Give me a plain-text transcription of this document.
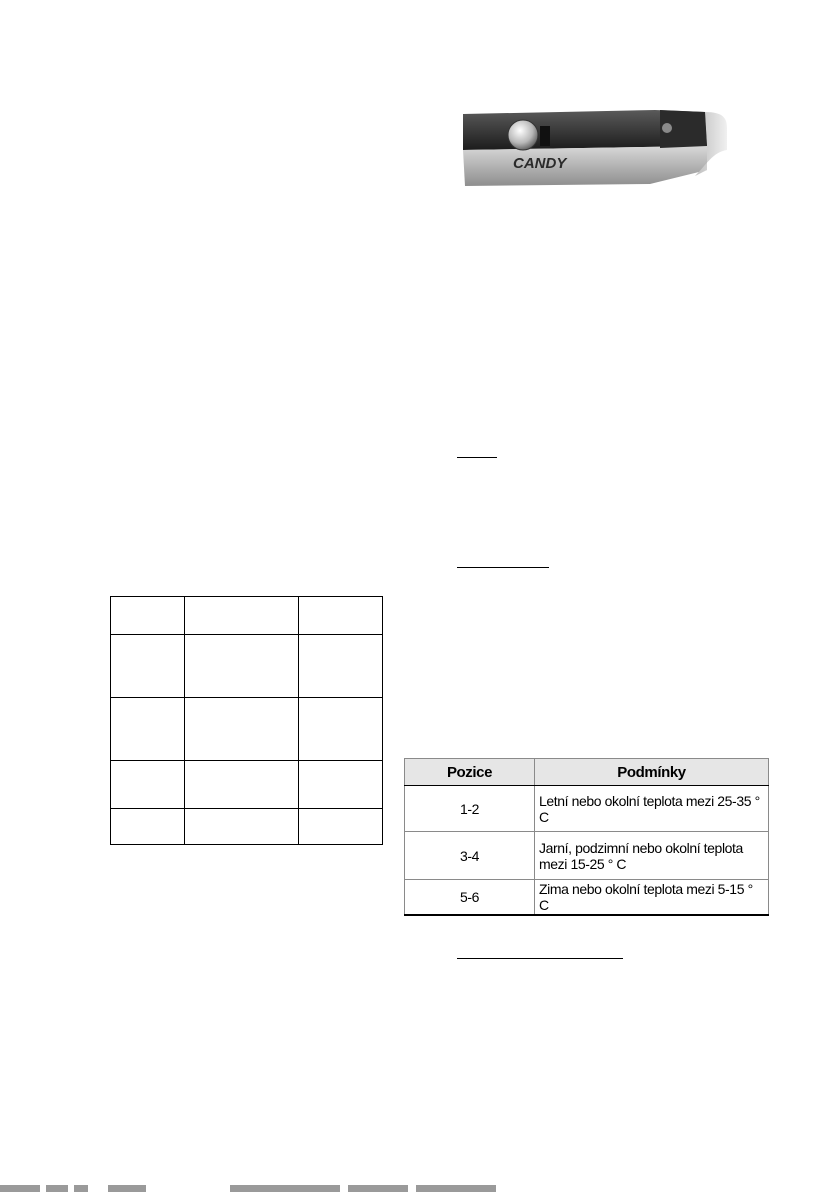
CANDY

Pozice	Podmínky
1-2	Letní nebo okolní teplota mezi 25-35 ° C
3-4	Jarní, podzimní nebo okolní teplota mezi 15-25 ° C
5-6	Zima nebo okolní teplota mezi 5-15 ° C
